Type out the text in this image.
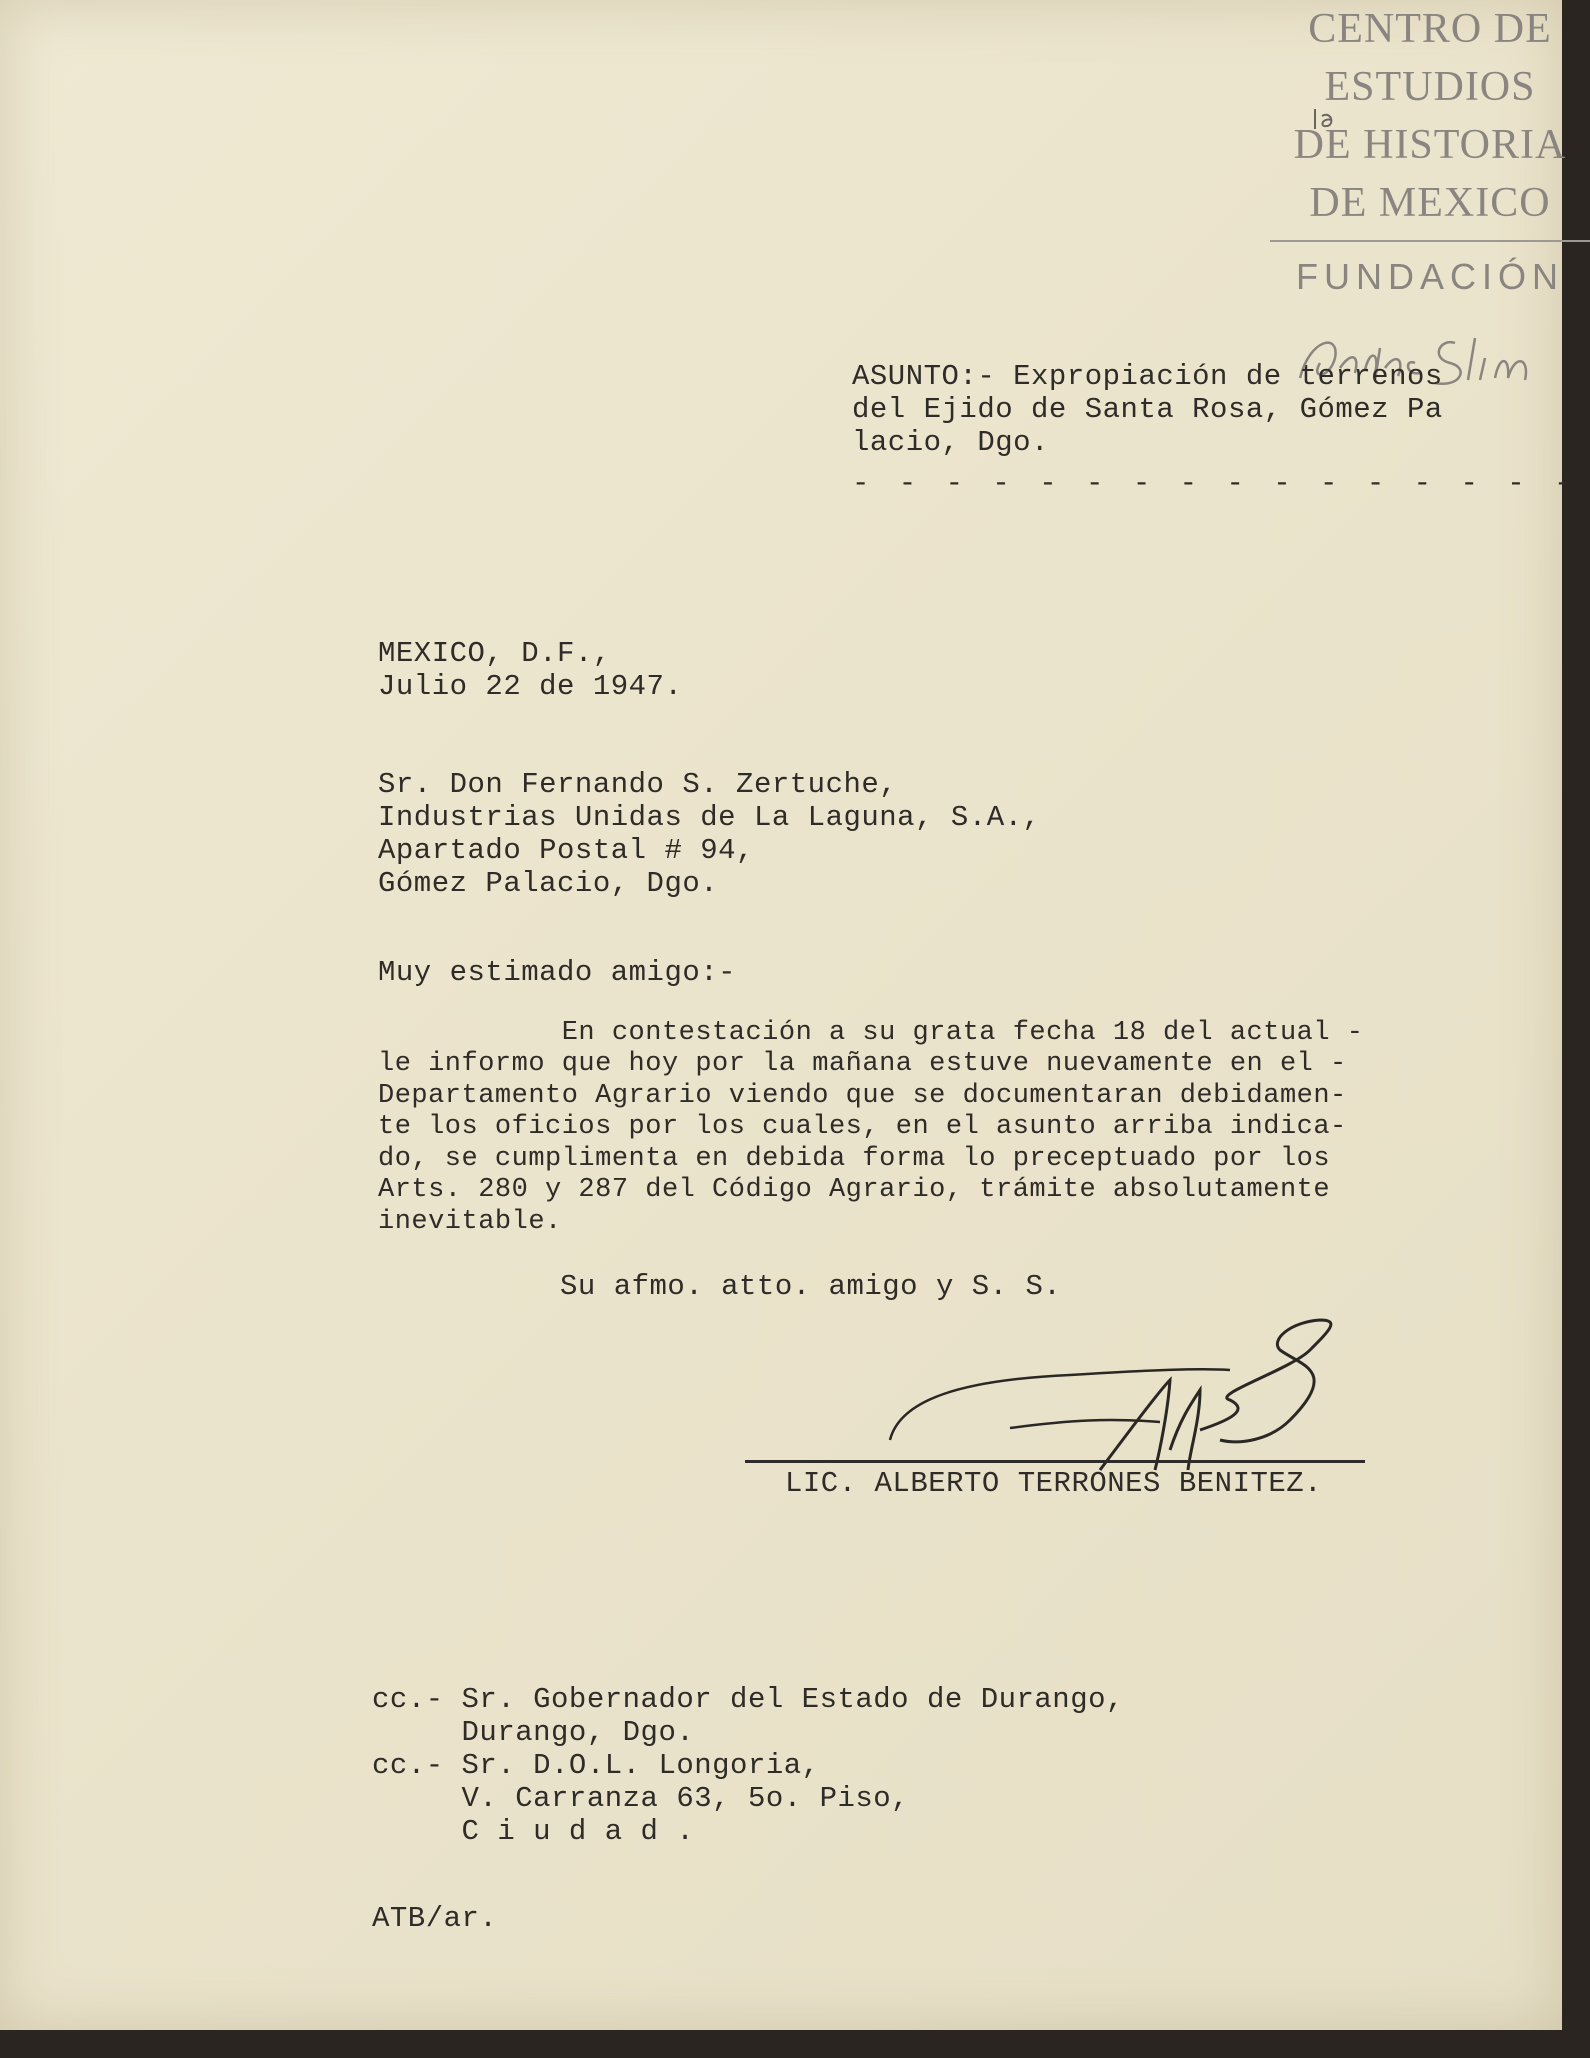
CENTRO DE
ESTUDIOS
DE HISTORIA
DE MEXICO
FUNDACIÓN
ASUNTO:- Expropiación de terrenos
del Ejido de Santa Rosa, Gómez Pa
lacio, Dgo.
- - - - - - - - - - - - - - - -
MEXICO, D.F.,
Julio 22 de 1947.
Sr. Don Fernando S. Zertuche,
Industrias Unidas de La Laguna, S.A.,
Apartado Postal # 94,
Gómez Palacio, Dgo.
Muy estimado amigo:-
En contestación a su grata fecha 18 del actual -
le informo que hoy por la mañana estuve nuevamente en el -
Departamento Agrario viendo que se documentaran debidamen-
te los oficios por los cuales, en el asunto arriba indica-
do, se cumplimenta en debida forma lo preceptuado por los
Arts. 280 y 287 del Código Agrario, trámite absolutamente
inevitable.
Su afmo. atto. amigo y S. S.
LIC. ALBERTO TERRONES BENITEZ.
cc.- Sr. Gobernador del Estado de Durango,
Durango, Dgo.
cc.- Sr. D.O.L. Longoria,
V. Carranza 63, 5o. Piso,
C i u d a d .
ATB/ar.
